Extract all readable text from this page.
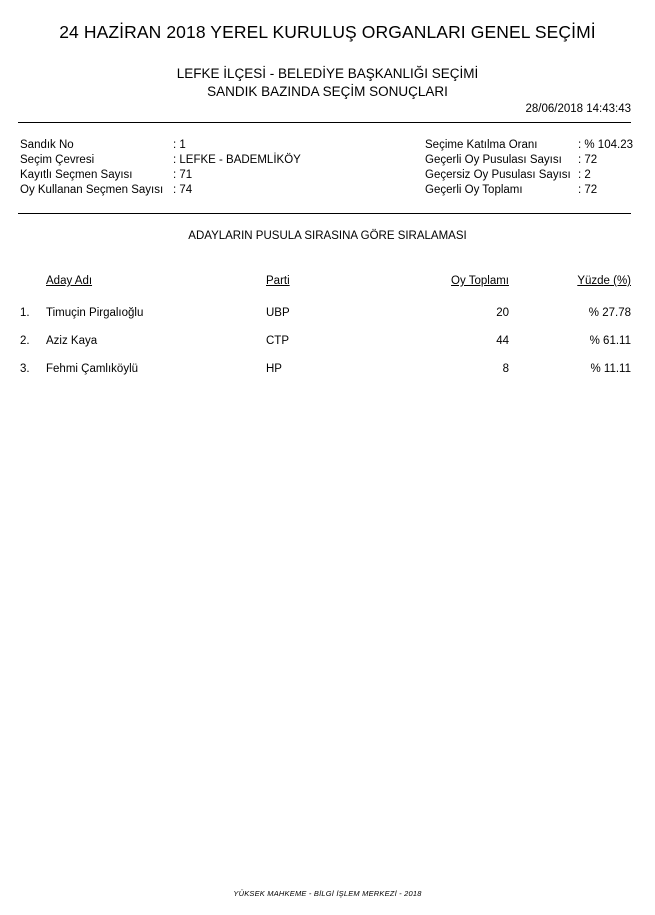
24 HAZİRAN 2018 YEREL KURULUŞ ORGANLARI GENEL SEÇİMİ
LEFKE İLÇESİ - BELEDİYE BAŞKANLIĞI SEÇİMİ
SANDIK BAZINDA SEÇİM SONUÇLARI
28/06/2018 14:43:43
Sandık No	: 1
Seçim Çevresi	: LEFKE - BADEMLİKÖY
Kayıtlı Seçmen Sayısı	: 71
Oy Kullanan Seçmen Sayısı : 74
Seçime Katılma Oranı	: % 104.23
Geçerli Oy Pusulası Sayısı : 72
Geçersiz Oy Pusulası Sayısı : 2
Geçerli Oy Toplamı	: 72
ADAYLARIN PUSULA SIRASINA GÖRE SIRALAMASI
Aday Adı	Parti	Oy Toplamı	Yüzde (%)
1. Timuçin Pirgalıoğlu	UBP	20	% 27.78
2. Aziz Kaya	CTP	44	% 61.11
3. Fehmi Çamlıköylü	HP	8	% 11.11
YÜKSEK MAHKEME - BİLGİ İŞLEM MERKEZİ - 2018
